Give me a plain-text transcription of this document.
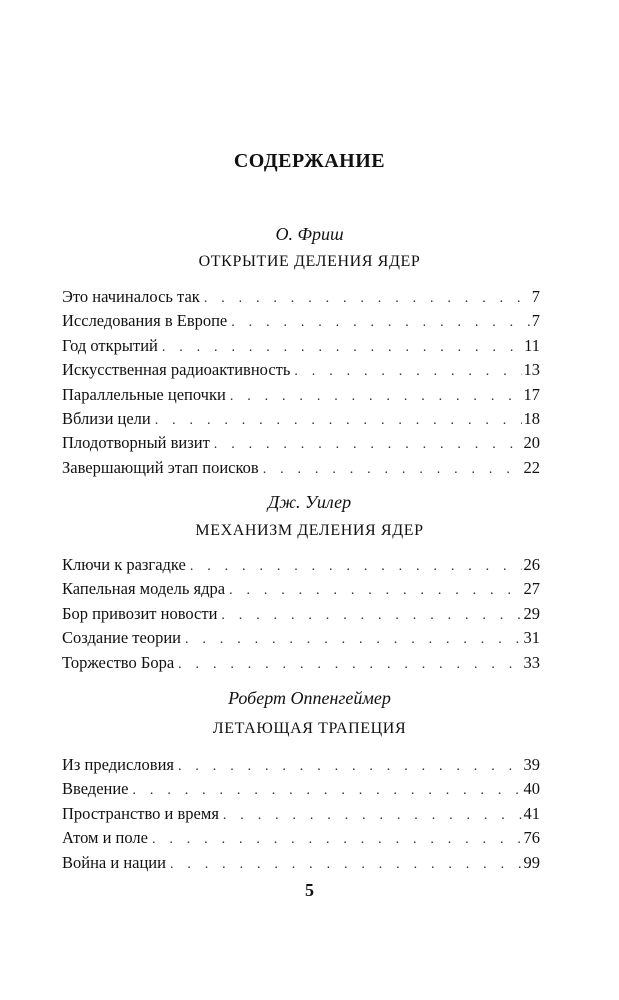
СОДЕРЖАНИЕ
О. Фриш
ОТКРЫТИЕ ДЕЛЕНИЯ ЯДЕР
Это начиналось так . . .	7
Исследования в Европе . . .	7
Год открытий . . .	11
Искусственная радиоактивность . . .	13
Параллельные цепочки . . .	17
Вблизи цели . . .	18
Плодотворный визит . . .	20
Завершающий этап поисков . . .	22
Дж. Уилер
МЕХАНИЗМ ДЕЛЕНИЯ ЯДЕР
Ключи к разгадке . . .	26
Капельная модель ядра . . .	27
Бор привозит новости . . .	29
Создание теории . . .	31
Торжество Бора . . .	33
Роберт Оппенгеймер
ЛЕТАЮЩАЯ ТРАПЕЦИЯ
Из предисловия . . .	39
Введение . . .	40
Пространство и время . . .	41
Атом и поле . . .	76
Война и нации . . .	99
5
